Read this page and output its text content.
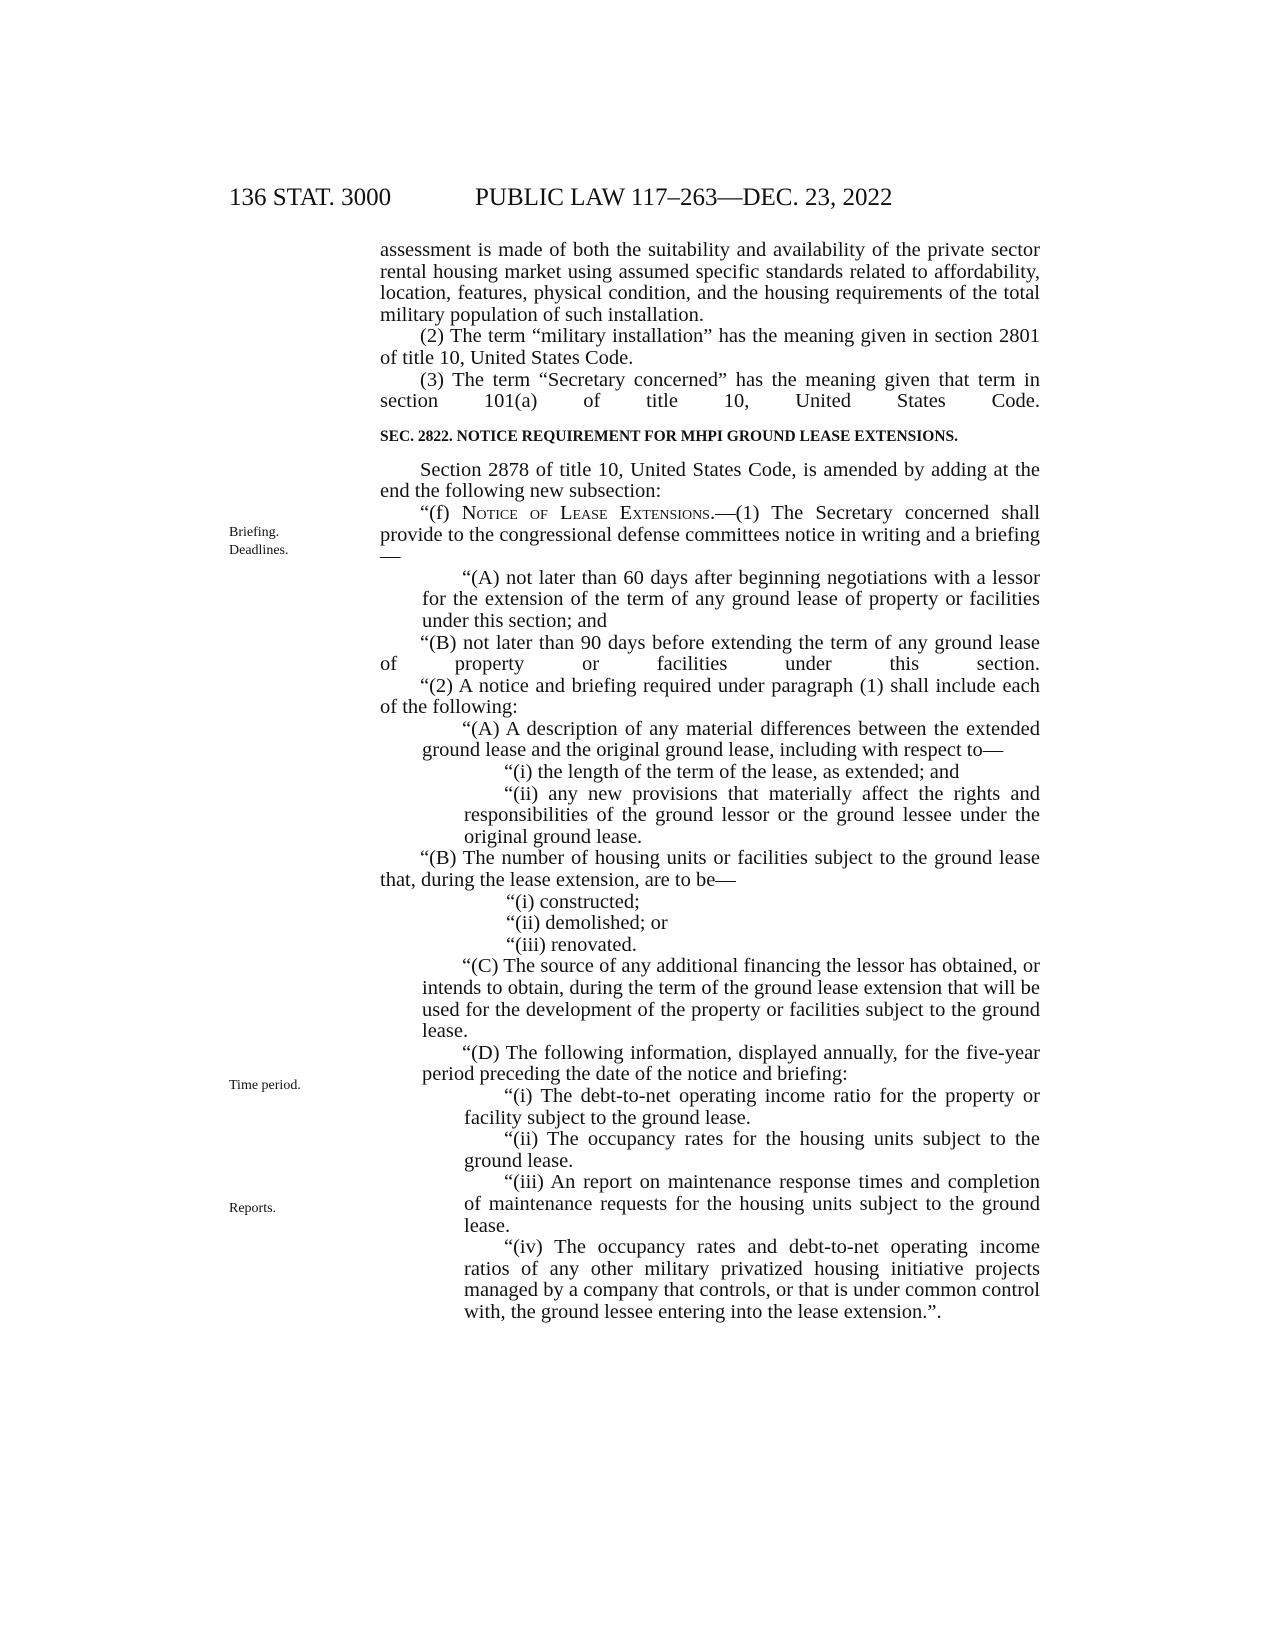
136 STAT. 3000	PUBLIC LAW 117–263—DEC. 23, 2022
Briefing.
Deadlines.
Time period.
Reports.

assessment is made of both the suitability and availability of the private sector rental housing market using assumed specific standards related to affordability, location, features, physical condition, and the housing requirements of the total military population of such installation.

(2) The term “military installation” has the meaning given in section 2801 of title 10, United States Code.

(3) The term “Secretary concerned” has the meaning given that term in section 101(a) of title 10, United States Code.

SEC. 2822. NOTICE REQUIREMENT FOR MHPI GROUND LEASE EXTENSIONS.

Section 2878 of title 10, United States Code, is amended by adding at the end the following new subsection:

“(f) Notice of Lease Extensions.—(1) The Secretary concerned shall provide to the congressional defense committees notice in writing and a briefing—

“(A) not later than 60 days after beginning negotiations with a lessor for the extension of the term of any ground lease of property or facilities under this section; and

“(B) not later than 90 days before extending the term of any ground lease of property or facilities under this section.

“(2) A notice and briefing required under paragraph (1) shall include each of the following:

“(A) A description of any material differences between the extended ground lease and the original ground lease, including with respect to—

“(i) the length of the term of the lease, as extended; and

“(ii) any new provisions that materially affect the rights and responsibilities of the ground lessor or the ground lessee under the original ground lease.

“(B) The number of housing units or facilities subject to the ground lease that, during the lease extension, are to be—

“(i) constructed;

“(ii) demolished; or

“(iii) renovated.

“(C) The source of any additional financing the lessor has obtained, or intends to obtain, during the term of the ground lease extension that will be used for the development of the property or facilities subject to the ground lease.

“(D) The following information, displayed annually, for the five-year period preceding the date of the notice and briefing:

“(i) The debt-to-net operating income ratio for the property or facility subject to the ground lease.

“(ii) The occupancy rates for the housing units subject to the ground lease.

“(iii) An report on maintenance response times and completion of maintenance requests for the housing units subject to the ground lease.

“(iv) The occupancy rates and debt-to-net operating income ratios of any other military privatized housing initiative projects managed by a company that controls, or that is under common control with, the ground lessee entering into the lease extension.”.
